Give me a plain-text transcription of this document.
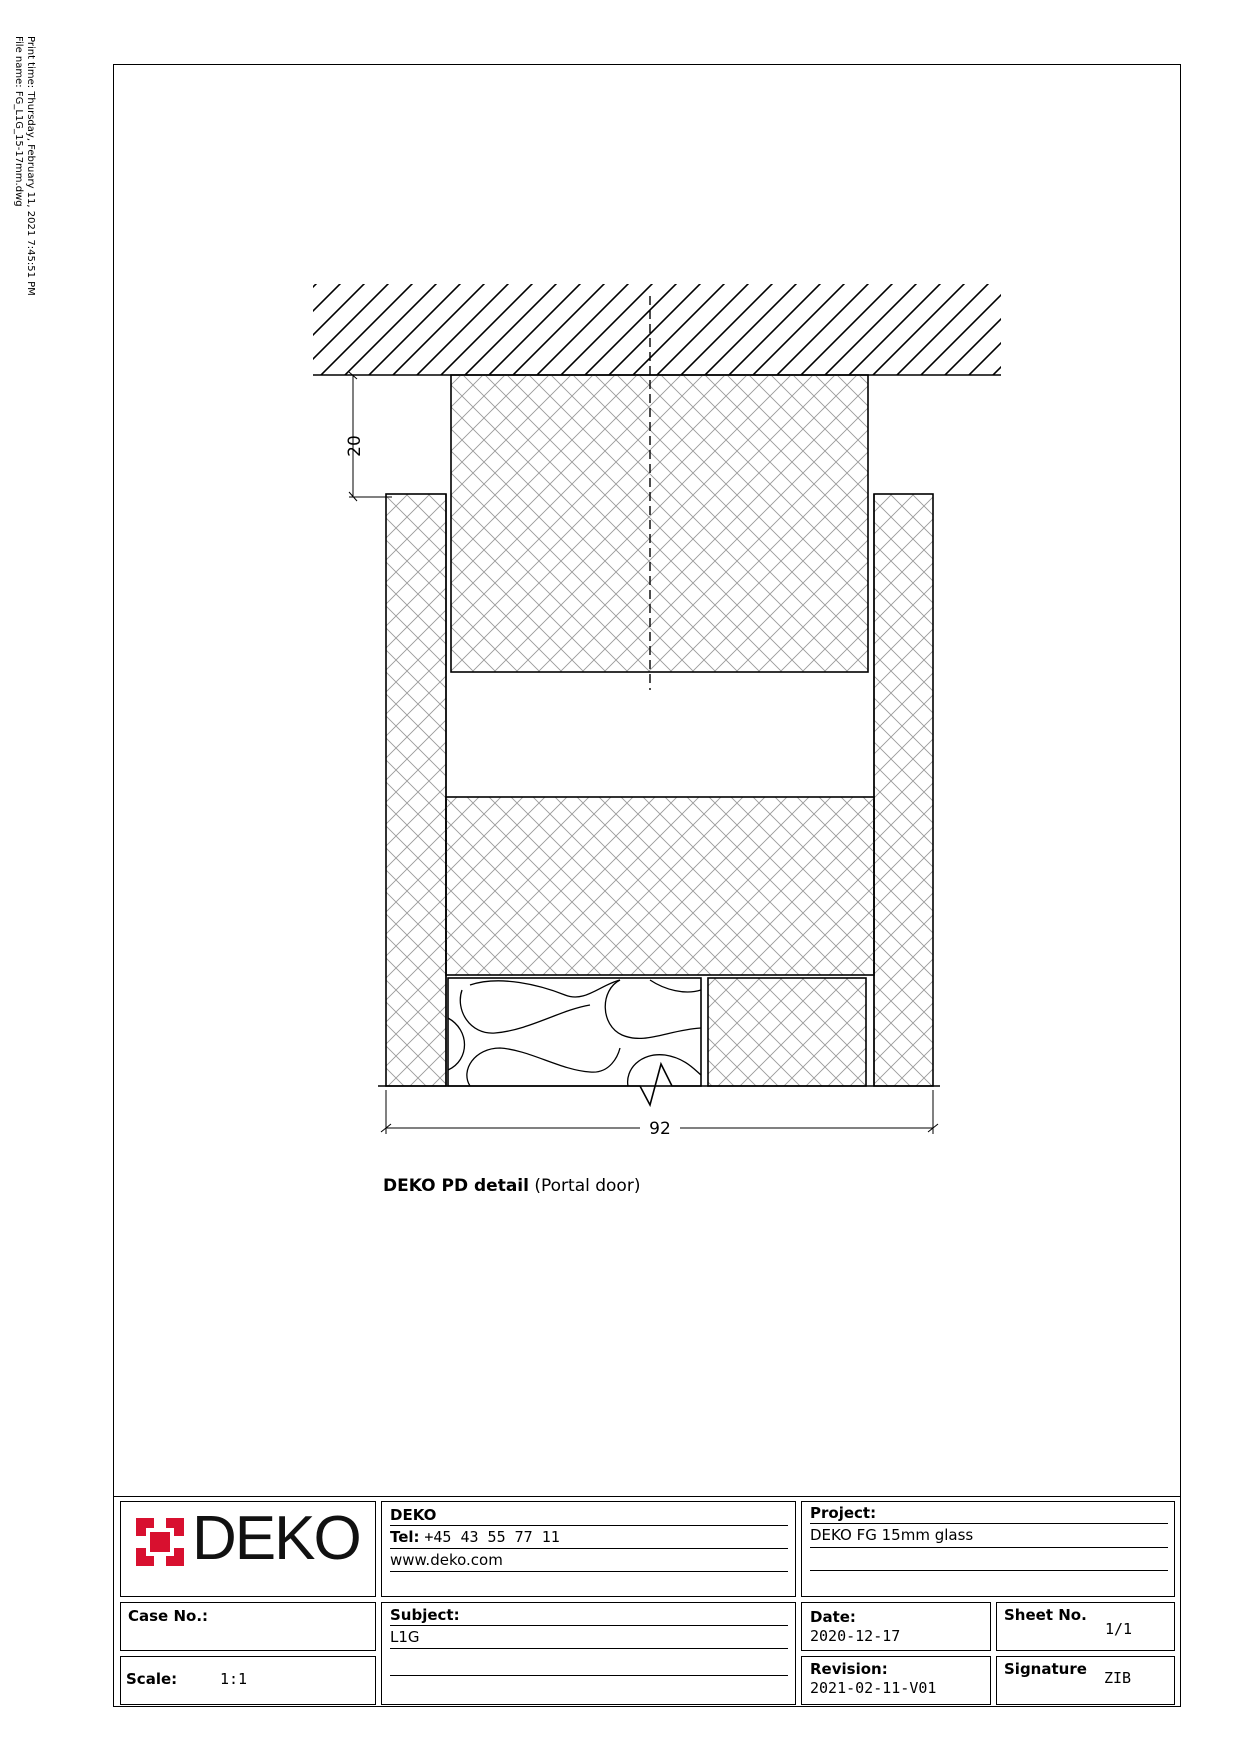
Print time: Thursday, February 11, 2021 7:45:51 PM
File name: FG_L1G_15-17mm.dwg
20
92
DEKO PD detail (Portal door)
DEKO DEKO
Tel: +45 43 55 77 11
www.deko.com
Project:
DEKO FG 15mm glass
Case No.:
Scale:	1:1
Subject:
L1G
Date:
2020-12-17
Sheet No.
1/1
Revision:
2021-02-11-V01
Signature ZIB
